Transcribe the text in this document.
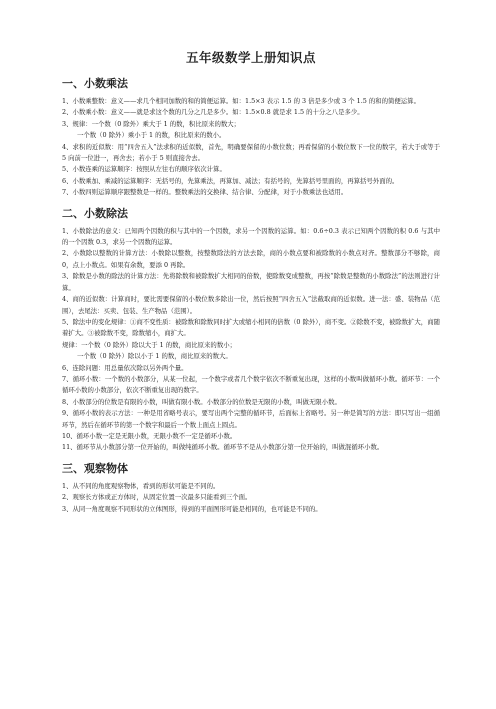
五年级数学上册知识点
一、小数乘法

1、小数乘整数：意义——求几个相同加数的和的简便运算。如：1.5×3 表示 1.5 的 3 倍是多少或 3 个 1.5 的和的简便运算。

2、小数乘小数：意义——就是求这个数的几分之几是多少。如：1.5×0.8 就是求 1.5 的十分之八是多少。

3、规律：一个数（0 除外）乘大于 1 的数，积比原来的数大；

一个数（0 除外）乘小于 1 的数，积比原来的数小。

4、求积的近似数：用“四舍五入”法求积的近似数，首先，明确要保留的小数位数；再看保留的小数位数下一位的数字，若大于或等于 5 向前一位进一，再舍去；若小于 5 则直接舍去。

5、小数连乘的运算顺序：按照从左往右的顺序依次计算。

6、小数乘加、乘减的运算顺序：无括号的，先算乘法，再算加、减法；有括号的，先算括号里面的，再算括号外面的。

7、小数四则运算顺序跟整数是一样的。整数乘法的交换律、结合律、分配律，对于小数乘法也适用。

二、小数除法

1、小数除法的意义：已知两个因数的积与其中的一个因数，求另一个因数的运算。如：0.6÷0.3 表示已知两个因数的积 0.6 与其中的一个因数 0.3，求另一个因数的运算。

2、小数除以整数的计算方法：小数除以整数，按整数除法的方法去除，商的小数点要和被除数的小数点对齐。整数部分不够除，商 0，点上小数点。如果有余数，要添 0 再除。

3、除数是小数的除法的计算方法：先将除数和被除数扩大相同的倍数，使除数变成整数，再按“除数是整数的小数除法”的法则进行计算。

4、商的近似数：计算商时，要比需要保留的小数位数多除出一位，然后按照“四舍五入”法截取商的近似数。进一法：盛、装物品（范围），去尾法：买卖、包装、生产物品（范围）。

5、除法中的变化规律：①商不变性质：被除数和除数同时扩大或缩小相同的倍数（0 除外），商不变。②除数不变，被除数扩大，商随着扩大。③被除数不变，除数缩小，商扩大。

规律：一个数（0 除外）除以大于 1 的数，商比原来的数小；

一个数（0 除外）除以小于 1 的数，商比原来的数大。

6、连除问题：用总量依次除以另外两个量。

7、循环小数：一个数的小数部分，从某一位起，一个数字或者几个数字依次不断重复出现，这样的小数叫做循环小数。循环节：一个循环小数的小数部分，依次不断重复出现的数字。

8、小数部分的位数是有限的小数，叫做有限小数。小数部分的位数是无限的小数，叫做无限小数。

9、循环小数的表示方法：一种是用省略号表示，要写出两个完整的循环节，后面标上省略号。另一种是简写的方法：即只写出一组循环节，然后在循环节的第一个数字和最后一个数上面点上圆点。

10、循环小数一定是无限小数，无限小数不一定是循环小数。

11、循环节从小数部分第一位开始的，叫做纯循环小数。循环节不是从小数部分第一位开始的，叫做混循环小数。

三、观察物体

1、从不同的角度观察物体，看到的形状可能是不同的。

2、观察长方体或正方体时，从固定位置一次最多只能看到三个面。

3、从同一角度观察不同形状的立体图形，得到的平面图形可能是相同的，也可能是不同的。
